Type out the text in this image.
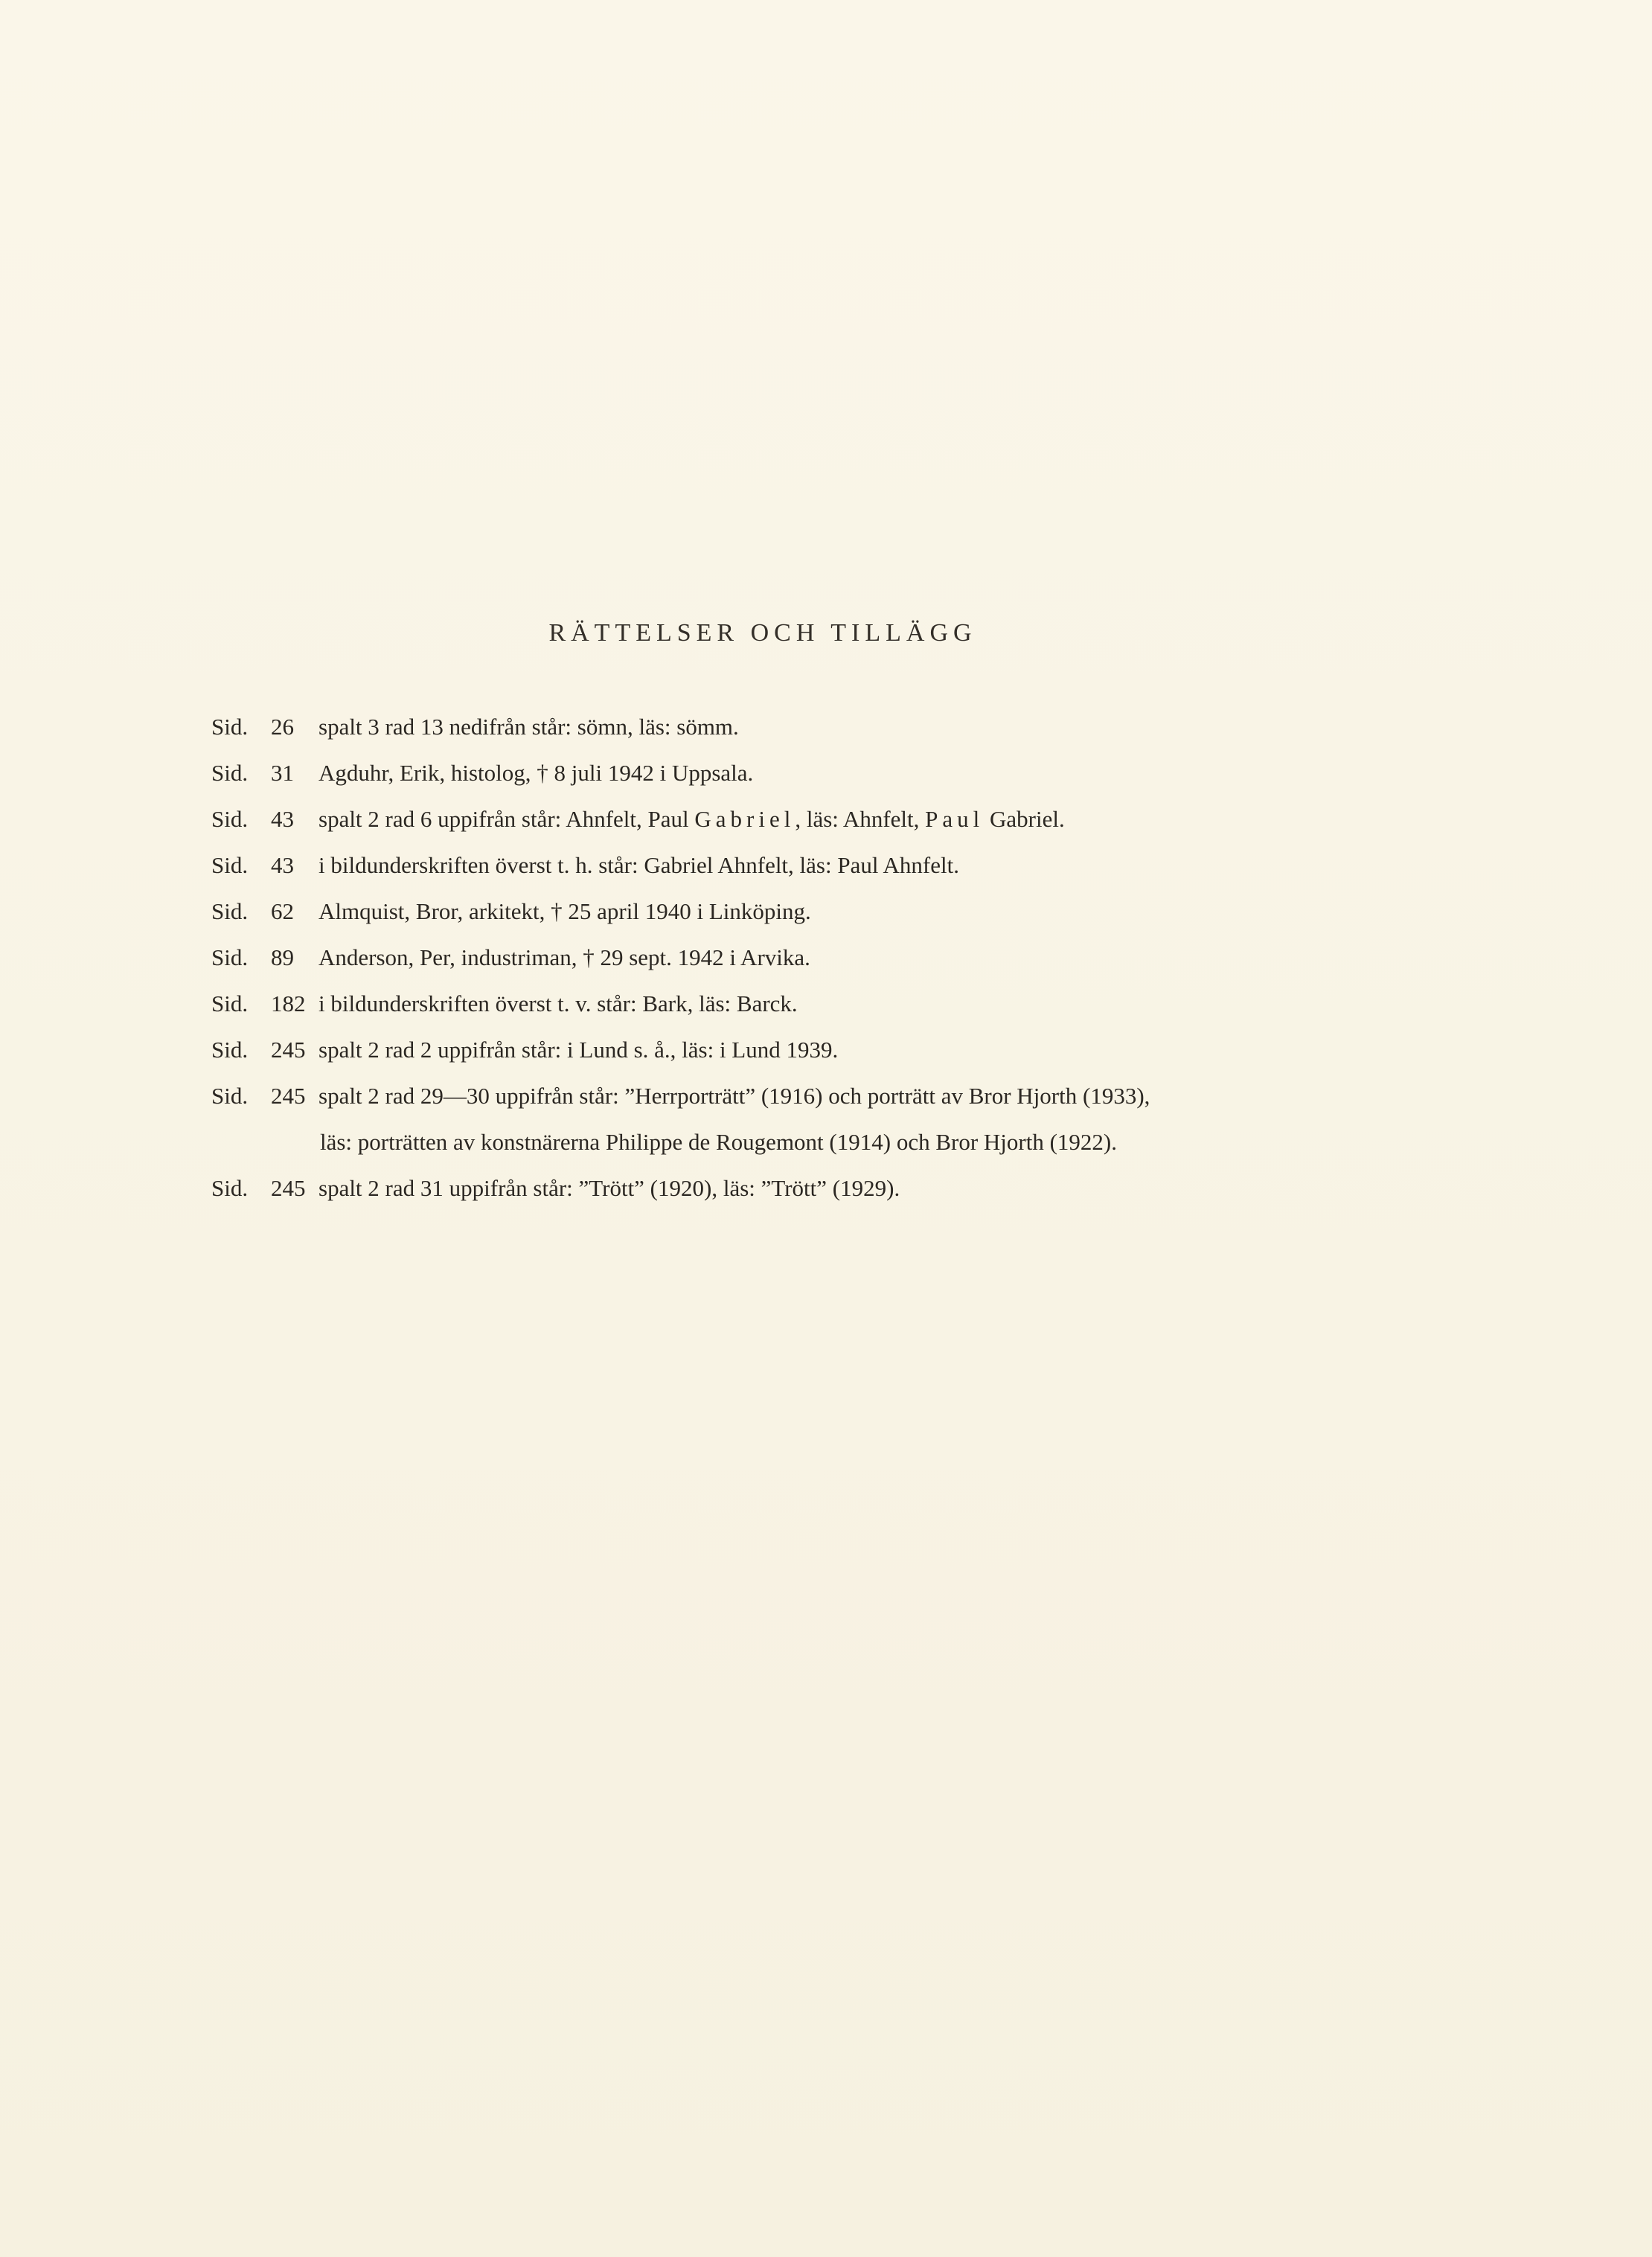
RÄTTELSER OCH TILLÄGG
Sid. 26	spalt 3 rad 13 nedifrån står: sömn, läs: sömm.
Sid. 31	Agduhr, Erik, histolog, † 8 juli 1942 i Uppsala.
Sid. 43	spalt 2 rad 6 uppifrån står: Ahnfelt, Paul Gabriel, läs: Ahnfelt, Paul Gabriel.
Sid. 43	i bildunderskriften överst t. h. står: Gabriel Ahnfelt, läs: Paul Ahnfelt.
Sid. 62	Almquist, Bror, arkitekt, † 25 april 1940 i Linköping.
Sid. 89	Anderson, Per, industriman, † 29 sept. 1942 i Arvika.
Sid. 182 i bildunderskriften överst t. v. står: Bark, läs: Barck.
Sid. 245 spalt 2 rad 2 uppifrån står: i Lund s. å., läs: i Lund 1939.
Sid. 245 spalt 2 rad 29—30 uppifrån står: ”Herrporträtt” (1916) och porträtt av Bror Hjorth (1933),
läs: porträtten av konstnärerna Philippe de Rougemont (1914) och Bror Hjorth (1922).
Sid. 245 spalt 2 rad 31 uppifrån står: ”Trött” (1920), läs: ”Trött” (1929).
